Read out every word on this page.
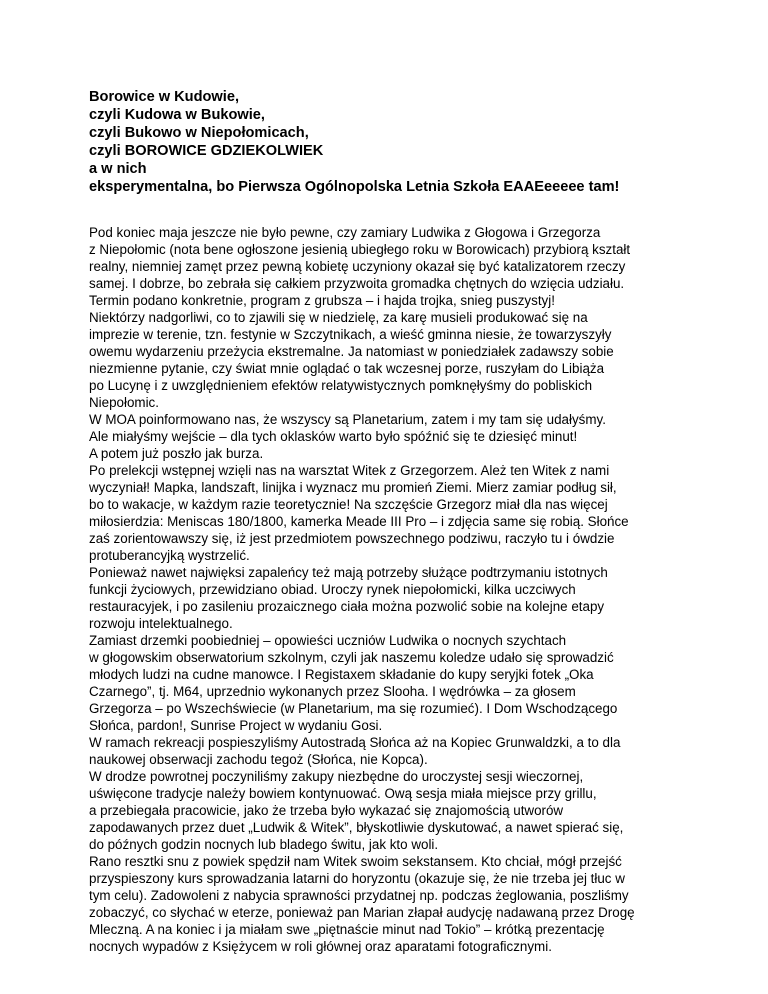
Borowice w Kudowie,
czyli Kudowa w Bukowie,
czyli Bukowo w Niepołomicach,
czyli BOROWICE GDZIEKOLWIEK
a w nich
eksperymentalna, bo Pierwsza Ogólnopolska Letnia Szkoła EAAEeeeee tam!
Pod koniec maja jeszcze nie było pewne, czy zamiary Ludwika z Głogowa i Grzegorza
z Niepołomic (nota bene ogłoszone jesienią ubiegłego roku w Borowicach) przybiorą kształt
realny, niemniej zamęt przez pewną kobietę uczyniony okazał się być katalizatorem rzeczy
samej. I dobrze, bo zebrała się całkiem przyzwoita gromadka chętnych do wzięcia udziału.
Termin podano konkretnie, program z grubsza – i hajda trojka, snieg puszystyj!
Niektórzy nadgorliwi, co to zjawili się w niedzielę, za karę musieli produkować się na
imprezie w terenie, tzn. festynie w Szczytnikach, a wieść gminna niesie, że towarzyszyły
owemu wydarzeniu przeżycia ekstremalne. Ja natomiast w poniedziałek zadawszy sobie
niezmienne pytanie, czy świat mnie oglądać o tak wczesnej porze, ruszyłam do Libiąża
po Lucynę i z uwzględnieniem efektów relatywistycznych pomknęłyśmy do pobliskich
Niepołomic.
W MOA poinformowano nas, że wszyscy są Planetarium, zatem i my tam się udałyśmy.
Ale miałyśmy wejście – dla tych oklasków warto było spóźnić się te dziesięć minut!
A potem już poszło jak burza.
Po prelekcji wstępnej wzięli nas na warsztat Witek z Grzegorzem. Ależ ten Witek z nami
wyczyniał! Mapka, landszaft, linijka i wyznacz mu promień Ziemi. Mierz zamiar podług sił,
bo to wakacje, w każdym razie teoretycznie! Na szczęście Grzegorz miał dla nas więcej
miłosierdzia: Meniscas 180/1800, kamerka Meade III Pro – i zdjęcia same się robią. Słońce
zaś zorientowawszy się, iż jest przedmiotem powszechnego podziwu, raczyło tu i ówdzie
protuberancyjką wystrzelić.
Ponieważ nawet najwięksi zapaleńcy też mają potrzeby służące podtrzymaniu istotnych
funkcji życiowych, przewidziano obiad. Uroczy rynek niepołomicki, kilka uczciwych
restauracyjek, i po zasileniu prozaicznego ciała można pozwolić sobie na kolejne etapy
rozwoju intelektualnego.
Zamiast drzemki poobiedniej – opowieści uczniów Ludwika o nocnych szychtach
w głogowskim obserwatorium szkolnym, czyli jak naszemu koledze udało się sprowadzić
młodych ludzi na cudne manowce. I Registaxem składanie do kupy seryjki fotek „Oka
Czarnego”, tj. M64, uprzednio wykonanych przez Slooha. I wędrówka – za głosem
Grzegorza – po Wszechświecie (w Planetarium, ma się rozumieć). I Dom Wschodzącego
Słońca, pardon!, Sunrise Project w wydaniu Gosi.
W ramach rekreacji pospieszyliśmy Autostradą Słońca aż na Kopiec Grunwaldzki, a to dla
naukowej obserwacji zachodu tegoż (Słońca, nie Kopca).
W drodze powrotnej poczyniliśmy zakupy niezbędne do uroczystej sesji wieczornej,
uświęcone tradycje należy bowiem kontynuować. Ową sesja miała miejsce przy grillu,
a przebiegała pracowicie, jako że trzeba było wykazać się znajomością utworów
zapodawanych przez duet „Ludwik & Witek”, błyskotliwie dyskutować, a nawet spierać się,
do późnych godzin nocnych lub bladego świtu, jak kto woli.
Rano resztki snu z powiek spędził nam Witek swoim sekstansem. Kto chciał, mógł przejść
przyspieszony kurs sprowadzania latarni do horyzontu (okazuje się, że nie trzeba jej tłuc w
tym celu). Zadowoleni z nabycia sprawności przydatnej np. podczas żeglowania, poszliśmy
zobaczyć, co słychać w eterze, ponieważ pan Marian złapał audycję nadawaną przez Drogę
Mleczną. A na koniec i ja miałam swe „piętnaście minut nad Tokio” – krótką prezentację
nocnych wypadów z Księżycem w roli głównej oraz aparatami fotograficznymi.
